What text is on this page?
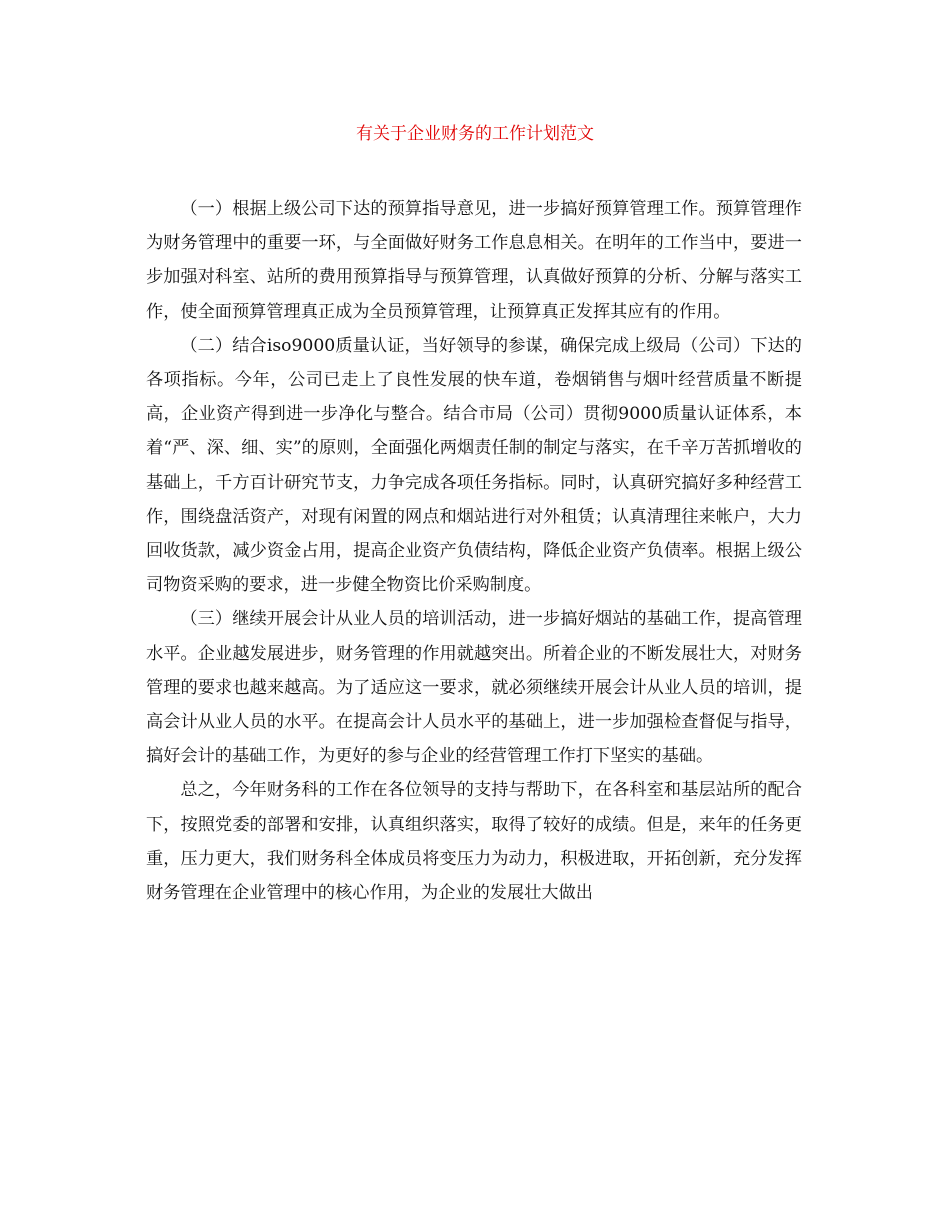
有关于企业财务的工作计划范文

（一）根据上级公司下达的预算指导意见，进一步搞好预算管理工作。预算管理作为财务管理中的重要一环，与全面做好财务工作息息相关。在明年的工作当中，要进一步加强对科室、站所的费用预算指导与预算管理，认真做好预算的分析、分解与落实工作，使全面预算管理真正成为全员预算管理，让预算真正发挥其应有的作用。

（二）结合iso9000质量认证，当好领导的参谋，确保完成上级局（公司）下达的各项指标。今年，公司已走上了良性发展的快车道，卷烟销售与烟叶经营质量不断提高，企业资产得到进一步净化与整合。结合市局（公司）贯彻9000质量认证体系，本着“严、深、细、实”的原则，全面强化两烟责任制的制定与落实，在千辛万苦抓增收的基础上，千方百计研究节支，力争完成各项任务指标。同时，认真研究搞好多种经营工作，围绕盘活资产，对现有闲置的网点和烟站进行对外租赁；认真清理往来帐户，大力回收货款，减少资金占用，提高企业资产负债结构，降低企业资产负债率。根据上级公司物资采购的要求，进一步健全物资比价采购制度。

（三）继续开展会计从业人员的培训活动，进一步搞好烟站的基础工作，提高管理水平。企业越发展进步，财务管理的作用就越突出。所着企业的不断发展壮大，对财务管理的要求也越来越高。为了适应这一要求，就必须继续开展会计从业人员的培训，提高会计从业人员的水平。在提高会计人员水平的基础上，进一步加强检查督促与指导，搞好会计的基础工作，为更好的参与企业的经营管理工作打下坚实的基础。

总之，今年财务科的工作在各位领导的支持与帮助下，在各科室和基层站所的配合下，按照党委的部署和安排，认真组织落实，取得了较好的成绩。但是，来年的任务更重，压力更大，我们财务科全体成员将变压力为动力，积极进取，开拓创新，充分发挥财务管理在企业管理中的核心作用，为企业的发展壮大做出
